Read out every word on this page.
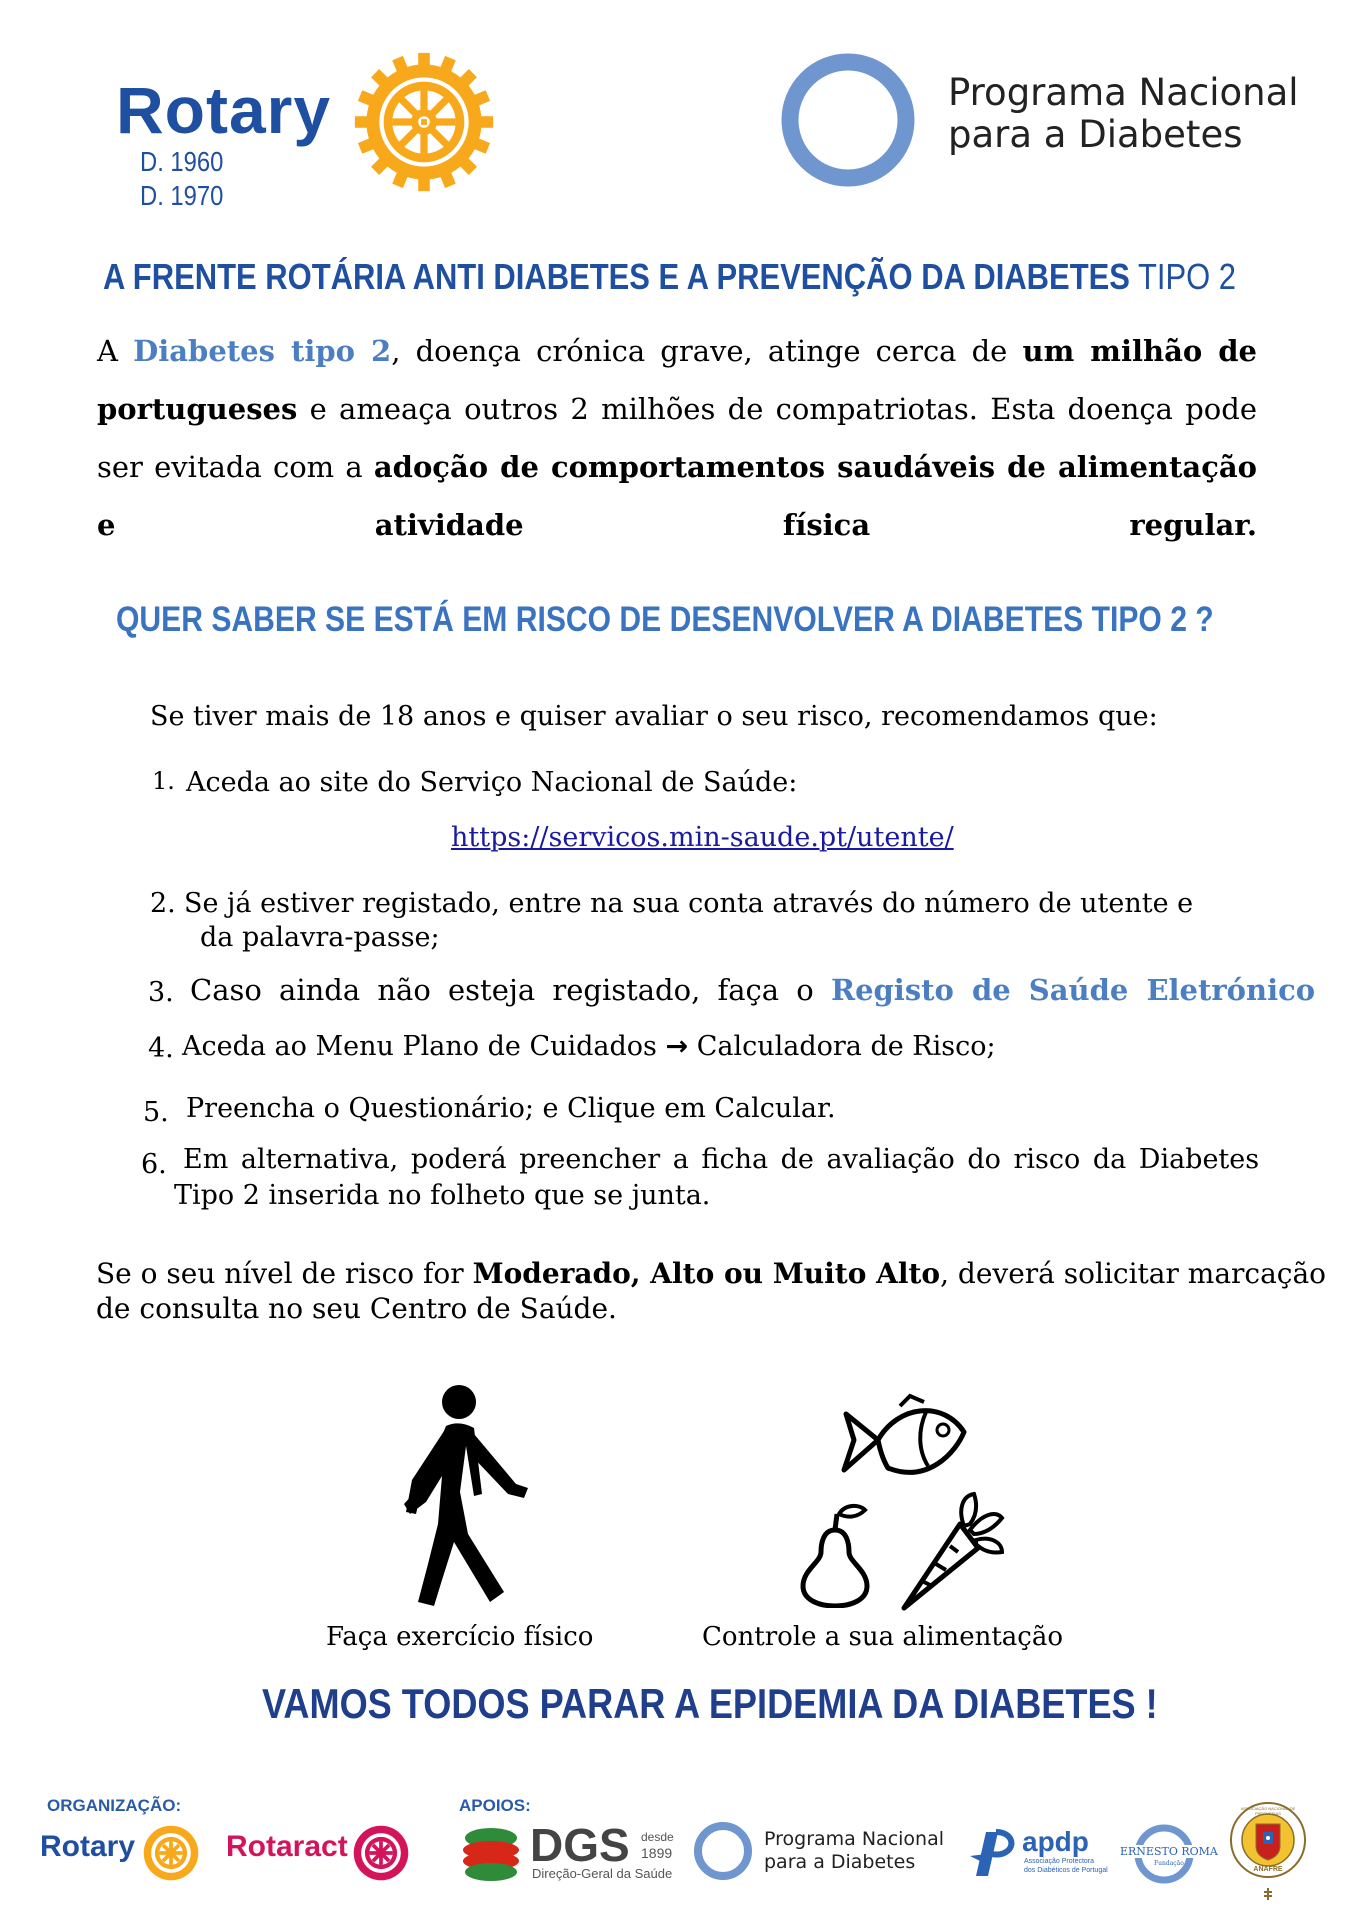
Rotary
D. 1960
D. 1970
Programa Nacional
para a Diabetes
A FRENTE ROTÁRIA ANTI DIABETES E A PREVENÇÃO DA DIABETES TIPO 2

A Diabetes tipo 2, doença crónica grave, atinge cerca de um milhão de portugueses e ameaça outros 2 milhões de compatriotas. Esta doença pode ser evitada com a adoção de comportamentos saudáveis de alimentação e atividade física regular.

QUER SABER SE ESTÁ EM RISCO DE DESENVOLVER A DIABETES TIPO 2 ?
Se tiver mais de 18 anos e quiser avaliar o seu risco, recomendamos que:
1. Aceda ao site do Serviço Nacional de Saúde:
https://servicos.min-saude.pt/utente/
2. Se já estiver registado, entre na sua conta através do número de utente e
da palavra-passe;
3. Caso ainda não esteja registado, faça o Registo de Saúde Eletrónico
4. Aceda ao Menu Plano de Cuidados → Calculadora de Risco;
5. Preencha o Questionário; e Clique em Calcular.
6. Em alternativa, poderá preencher a ficha de avaliação do risco da Diabetes
Tipo 2 inserida no folheto que se junta.
Se o seu nível de risco for Moderado, Alto ou Muito Alto, deverá solicitar marcação
de consulta no seu Centro de Saúde.
Faça exercício físico	Controle a sua alimentação
VAMOS TODOS PARAR A EPIDEMIA DA DIABETES !
ORGANIZAÇÃO:	APOIOS:
Rotary	Rotaract	DGS desde
1899
Direção-Geral da Saúde
Programa Nacional
para a Diabetes
apdp
Associação Protectora
dos Diabéticos de Portugal
ERNESTO ROMA
Fundação
ASSOCIAÇÃO NACIONAL DE FREGUESIAS
ANAFRE
